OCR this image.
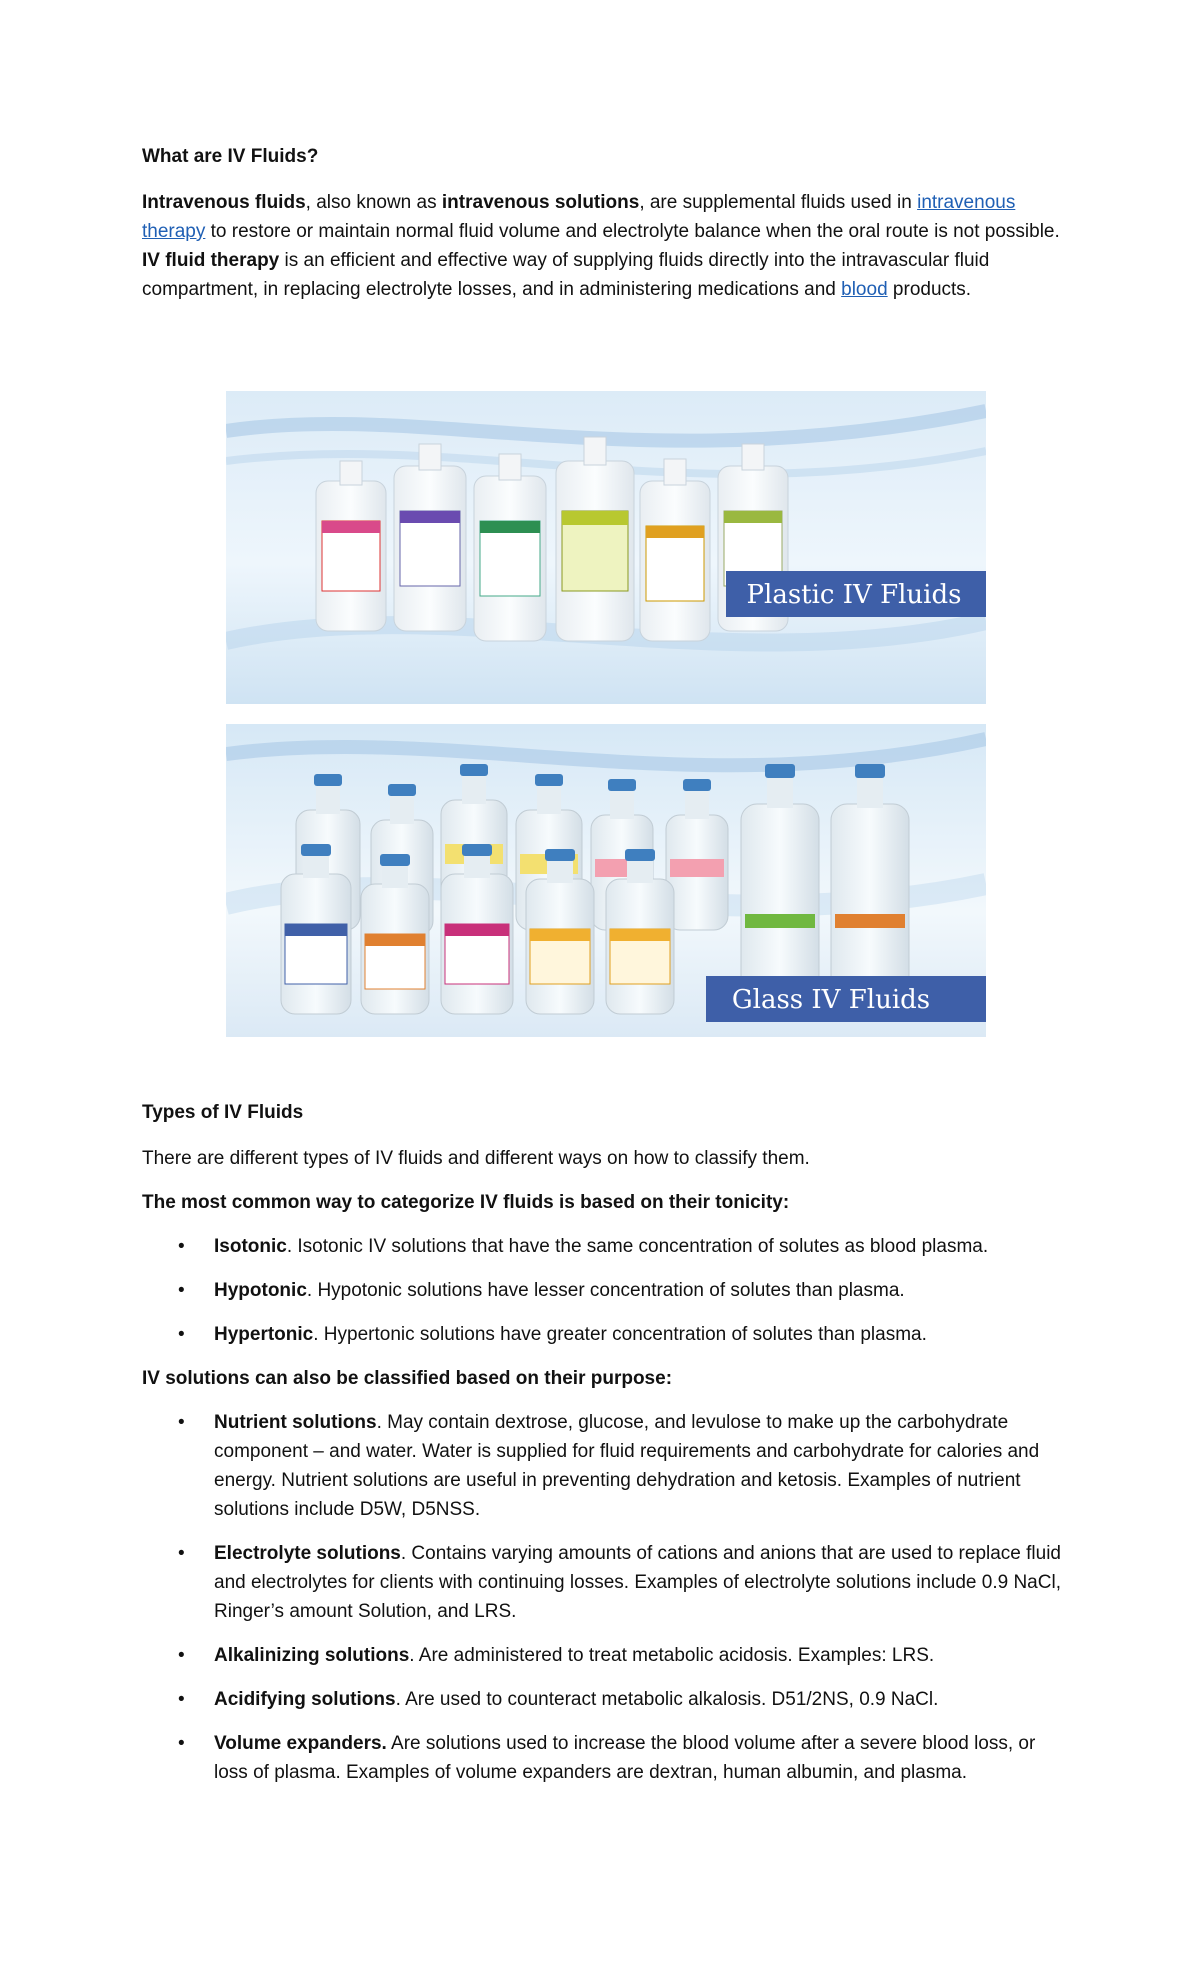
What are IV Fluids?

Intravenous fluids, also known as intravenous solutions, are supplemental fluids used in intravenous therapy to restore or maintain normal fluid volume and electrolyte balance when the oral route is not possible. IV fluid therapy is an efficient and effective way of supplying fluids directly into the intravascular fluid compartment, in replacing electrolyte losses, and in administering medications and blood products.

Plastic IV Fluids
Glass IV Fluids
Types of IV Fluids

There are different types of IV fluids and different ways on how to classify them.

The most common way to categorize IV fluids is based on their tonicity:

• Isotonic. Isotonic IV solutions that have the same concentration of solutes as blood plasma.
• Hypotonic. Hypotonic solutions have lesser concentration of solutes than plasma.
• Hypertonic. Hypertonic solutions have greater concentration of solutes than plasma.

IV solutions can also be classified based on their purpose:

• Nutrient solutions. May contain dextrose, glucose, and levulose to make up the carbohydrate component – and water. Water is supplied for fluid requirements and carbohydrate for calories and energy. Nutrient solutions are useful in preventing dehydration and ketosis. Examples of nutrient solutions include D5W, D5NSS.
• Electrolyte solutions. Contains varying amounts of cations and anions that are used to replace fluid and electrolytes for clients with continuing losses. Examples of electrolyte solutions include 0.9 NaCl, Ringer’s amount Solution, and LRS.
• Alkalinizing solutions. Are administered to treat metabolic acidosis. Examples: LRS.
• Acidifying solutions. Are used to counteract metabolic alkalosis. D51/2NS, 0.9 NaCl.
• Volume expanders. Are solutions used to increase the blood volume after a severe blood loss, or loss of plasma. Examples of volume expanders are dextran, human albumin, and plasma.
